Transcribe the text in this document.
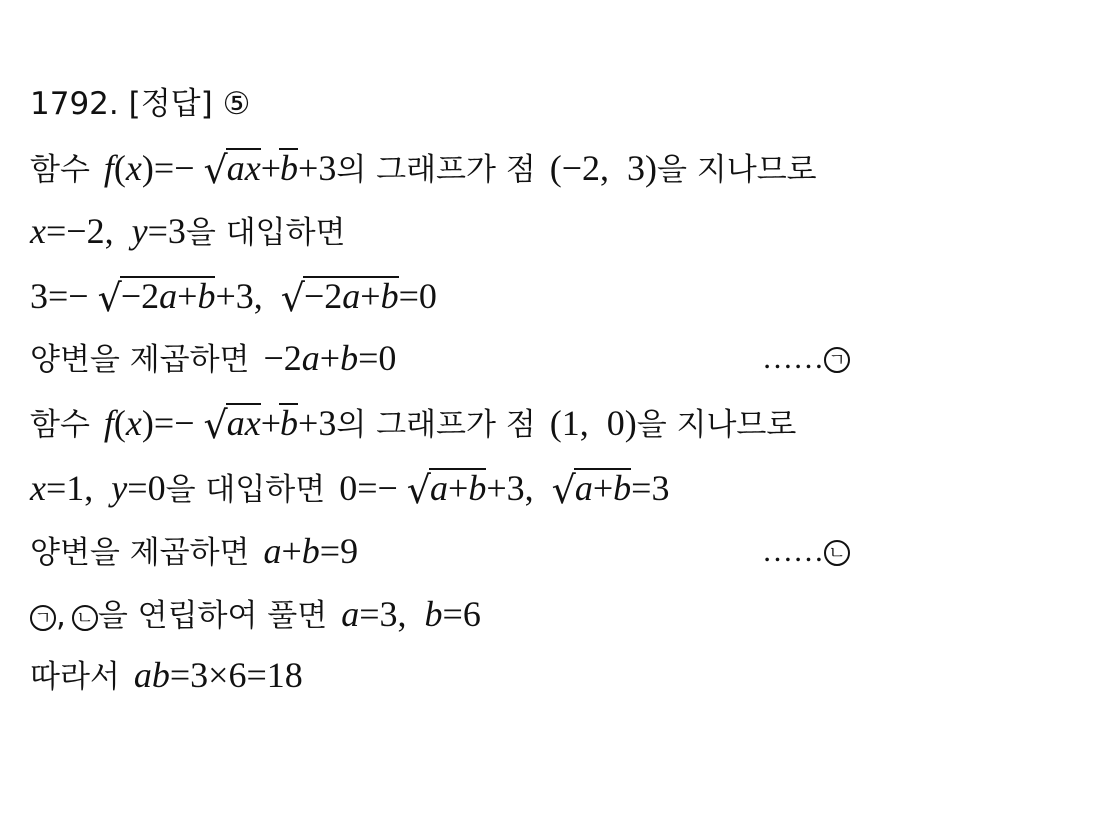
1792. [정답] ⑤
함수 f(x)=− √ax+b+3의 그래프가 점 (−2,  3)을 지나므로
x=−2,  y=3을 대입하면
3=− √−2a+b+3,  √−2a+b=0
양변을 제곱하면 −2a+b=0	…… ㄱ
함수 f(x)=− √ax+b+3의 그래프가 점 (1,  0)을 지나므로
x=1,  y=0을 대입하면 0=− √a+b+3,  √a+b=3
양변을 제곱하면 a+b=9	…… ㄴ
ㄱ , ㄴ 을 연립하여 풀면 a=3,  b=6
따라서 ab=3×6=18
